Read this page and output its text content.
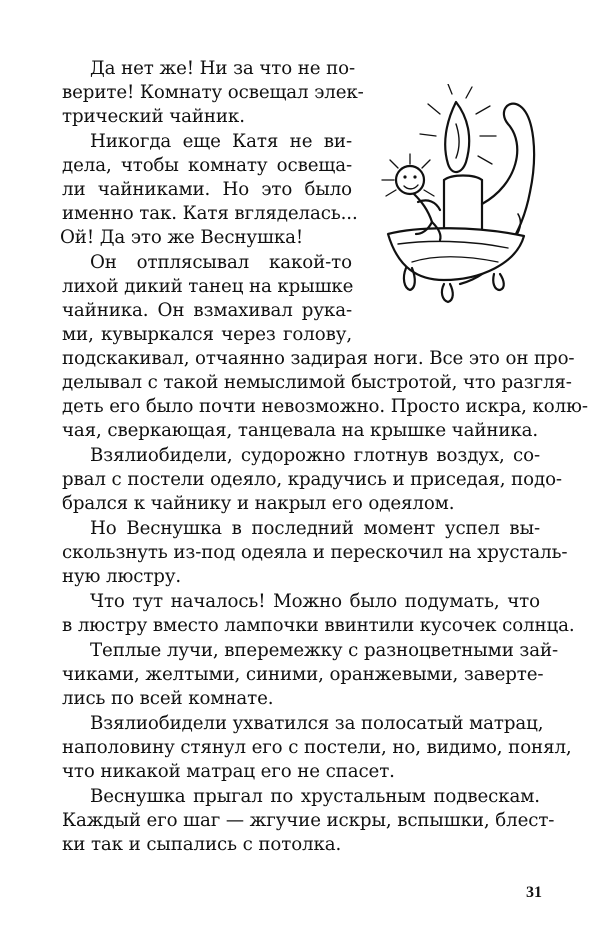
Да нет же! Ни за что не по-
верите! Комнату освещал элек-
трический чайник.
Никогда еще Катя не ви-
дела, чтобы комнату освеща-
ли чайниками. Но это было
именно так. Катя вгляделась...
Ой! Да это же Веснушка!
Он отплясывал какой-то
лихой дикий танец на крышке
чайника. Он взмахивал рука-
ми, кувыркался через голову,
подскакивал, отчаянно задирая ноги. Все это он про-
делывал с такой немыслимой быстротой, что разгля-
деть его было почти невозможно. Просто искра, колю-
чая, сверкающая, танцевала на крышке чайника.
Взялиобидели, судорожно глотнув воздух, со-
рвал с постели одеяло, крадучись и приседая, подо-
брался к чайнику и накрыл его одеялом.
Но Веснушка в последний момент успел вы-
скользнуть из-под одеяла и перескочил на хрусталь-
ную люстру.
Что тут началось! Можно было подумать, что
в люстру вместо лампочки ввинтили кусочек солнца.
Теплые лучи, вперемежку с разноцветными зай-
чиками, желтыми, синими, оранжевыми, заверте-
лись по всей комнате.
Взялиобидели ухватился за полосатый матрац,
наполовину стянул его с постели, но, видимо, понял,
что никакой матрац его не спасет.
Веснушка прыгал по хрустальным подвескам.
Каждый его шаг — жгучие искры, вспышки, блест-
ки так и сыпались с потолка.
31
